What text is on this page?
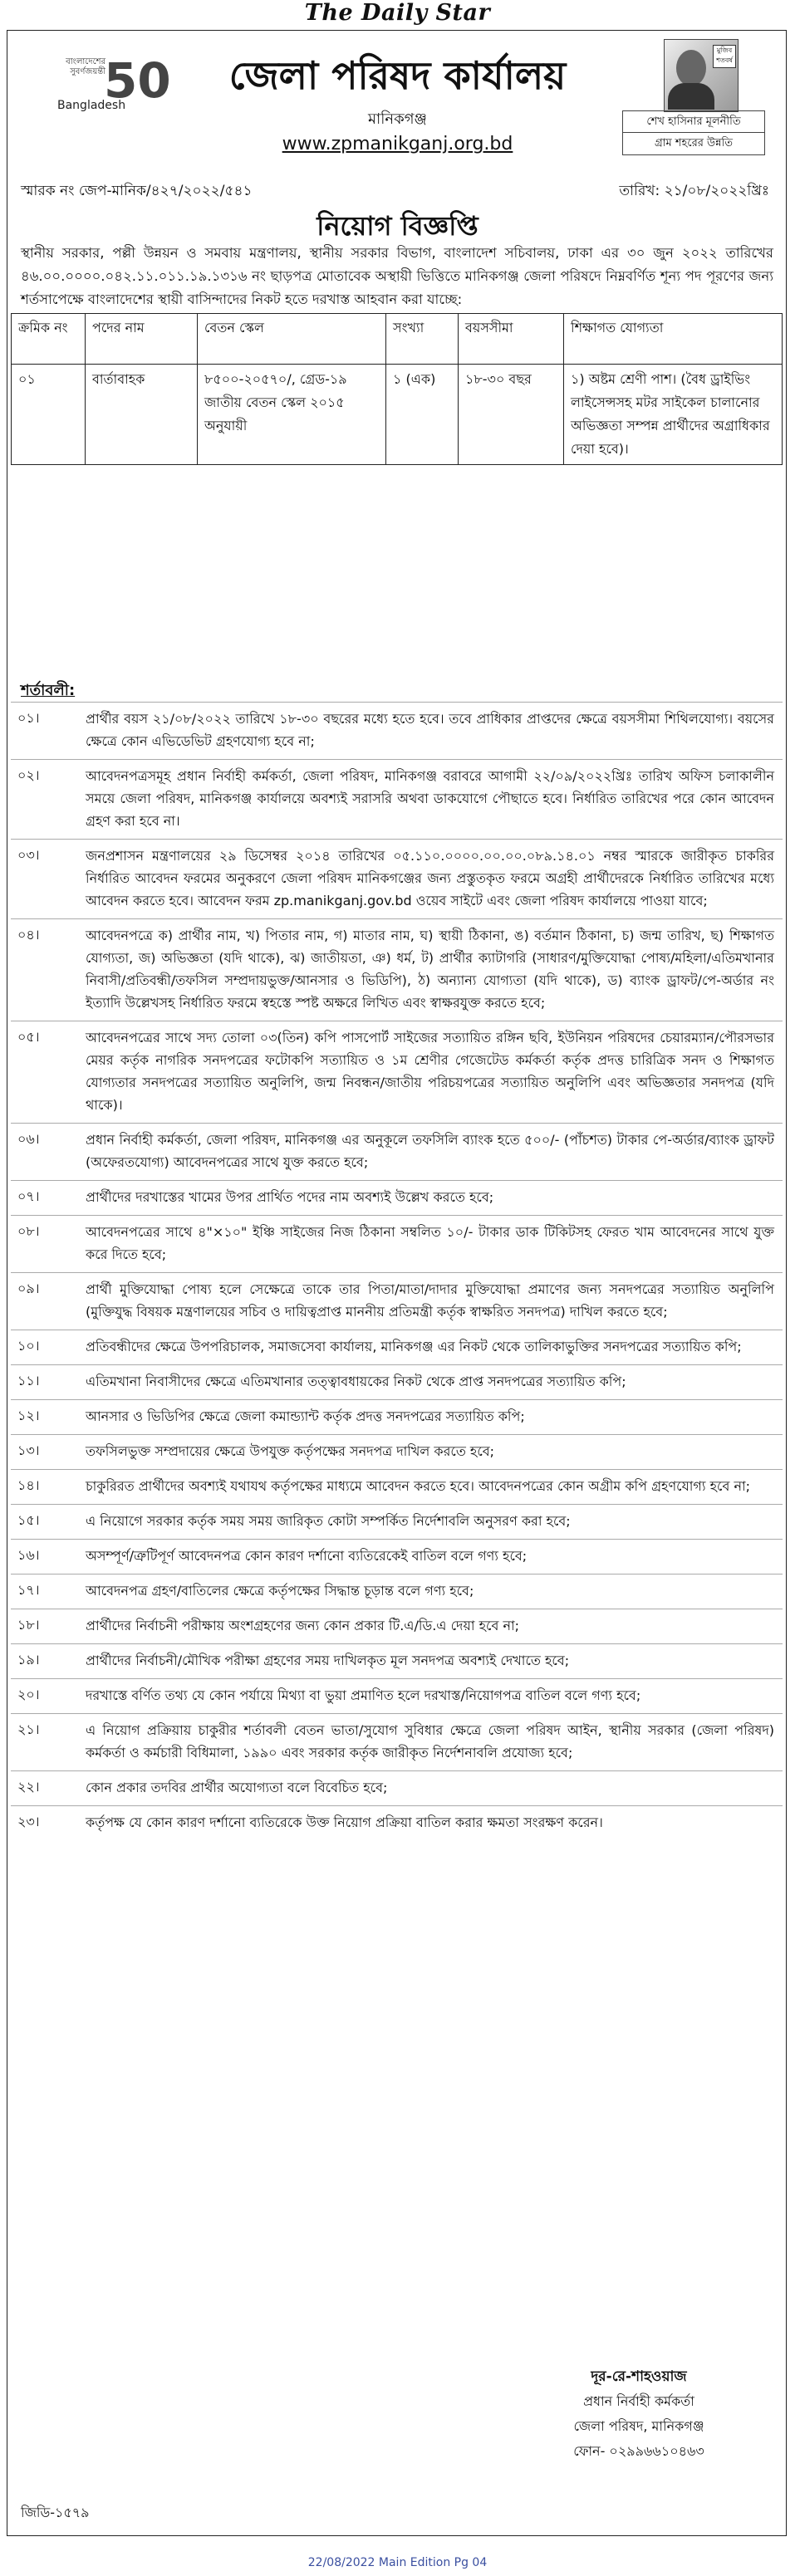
The Daily Star
বাংলাদেশের সুবর্ণজয়ন্তী
50
Bangladesh
জেলা পরিষদ কার্যালয়
মানিকগঞ্জ
www.zpmanikganj.org.bd
মুজিব শতবর্ষ
শেখ হাসিনার মূলনীতি
গ্রাম শহরের উন্নতি
স্মারক নং জেপ-মানিক/৪২৭/২০২২/৫৪১	তারিখ: ২১/০৮/২০২২খ্রিঃ
নিয়োগ বিজ্ঞপ্তি
স্থানীয় সরকার, পল্লী উন্নয়ন ও সমবায় মন্ত্রণালয়, স্থানীয় সরকার বিভাগ, বাংলাদেশ সচিবালয়, ঢাকা এর ৩০ জুন ২০২২ তারিখের ৪৬.০০.০০০০.০৪২.১১.০১১.১৯.১৩১৬ নং ছাড়পত্র মোতাবেক অস্থায়ী ভিত্তিতে মানিকগঞ্জ জেলা পরিষদে নিম্নবর্ণিত শূন্য পদ পূরণের জন্য শর্তসাপেক্ষে বাংলাদেশের স্থায়ী বাসিন্দাদের নিকট হতে দরখাস্ত আহবান করা যাচ্ছে:
ক্রমিক নং	পদের নাম	বেতন স্কেল	সংখ্যা	বয়সসীমা	শিক্ষাগত যোগ্যতা
০১	বার্তাবাহক	৮৫০০-২০৫৭০/, গ্রেড-১৯ জাতীয় বেতন স্কেল ২০১৫ অনুযায়ী	১ (এক)	১৮-৩০ বছর	১) অষ্টম শ্রেণী পাশ। (বৈধ ড্রাইভিং লাইসেন্সসহ মটর সাইকেল চালানোর অভিজ্ঞতা সম্পন্ন প্রার্থীদের অগ্রাধিকার দেয়া হবে)।
শর্তাবলী:
০১।	প্রার্থীর বয়স ২১/০৮/২০২২ তারিখে ১৮-৩০ বছরের মধ্যে হতে হবে। তবে প্রাধিকার প্রাপ্তদের ক্ষেত্রে বয়সসীমা শিথিলযোগ্য। বয়সের ক্ষেত্রে কোন এভিডেভিট গ্রহণযোগ্য হবে না;
০২।	আবেদনপত্রসমূহ প্রধান নির্বাহী কর্মকর্তা, জেলা পরিষদ, মানিকগঞ্জ বরাবরে আগামী ২২/০৯/২০২২খ্রিঃ তারিখ অফিস চলাকালীন সময়ে জেলা পরিষদ, মানিকগঞ্জ কার্যালয়ে অবশ্যই সরাসরি অথবা ডাকযোগে পৌছাতে হবে। নির্ধারিত তারিখের পরে কোন আবেদন গ্রহণ করা হবে না।
০৩।	জনপ্রশাসন মন্ত্রণালয়ের ২৯ ডিসেম্বর ২০১৪ তারিখের ০৫.১১০.০০০০.০০.০০.০৮৯.১৪.০১ নম্বর স্মারকে জারীকৃত চাকরির নির্ধারিত আবেদন ফরমের অনুকরণে জেলা পরিষদ মানিকগঞ্জের জন্য প্রস্তুতকৃত ফরমে অগ্রহী প্রার্থীদেরকে নির্ধারিত তারিখের মধ্যে আবেদন করতে হবে। আবেদন ফরম zp.manikganj.gov.bd ওয়েব সাইটে এবং জেলা পরিষদ কার্যালয়ে পাওয়া যাবে;
০৪।	আবেদনপত্রে ক) প্রার্থীর নাম, খ) পিতার নাম, গ) মাতার নাম, ঘ) স্থায়ী ঠিকানা, ঙ) বর্তমান ঠিকানা, চ) জন্ম তারিখ, ছ) শিক্ষাগত যোগ্যতা, জ) অভিজ্ঞতা (যদি থাকে), ঝ) জাতীয়তা, ঞ) ধর্ম, ট) প্রার্থীর ক্যাটাগরি (সাধারণ/মুক্তিযোদ্ধা পোষ্য/মহিলা/এতিমখানার নিবাসী/প্রতিবন্ধী/তফসিল সম্প্রদায়ভুক্ত/আনসার ও ভিডিপি), ঠ) অন্যান্য যোগ্যতা (যদি থাকে), ড) ব্যাংক ড্রাফট/পে-অর্ডার নং ইত্যাদি উল্লেখসহ নির্ধারিত ফরমে স্বহস্তে স্পষ্ট অক্ষরে লিখিত এবং স্বাক্ষরযুক্ত করতে হবে;
০৫।	আবেদনপত্রের সাথে সদ্য তোলা ০৩(তিন) কপি পাসপোর্ট সাইজের সত্যায়িত রঙ্গিন ছবি, ইউনিয়ন পরিষদের চেয়ারম্যান/পৌরসভার মেয়র কর্তৃক নাগরিক সনদপত্রের ফটোকপি সত্যায়িত ও ১ম শ্রেণীর গেজেটেড কর্মকর্তা কর্তৃক প্রদত্ত চারিত্রিক সনদ ও শিক্ষাগত যোগ্যতার সনদপত্রের সত্যায়িত অনুলিপি, জন্ম নিবন্ধন/জাতীয় পরিচয়পত্রের সত্যায়িত অনুলিপি এবং অভিজ্ঞতার সনদপত্র (যদি থাকে)।
০৬।	প্রধান নির্বাহী কর্মকর্তা, জেলা পরিষদ, মানিকগঞ্জ এর অনুকূলে তফসিলি ব্যাংক হতে ৫০০/- (পাঁচশত) টাকার পে-অর্ডার/ব্যাংক ড্রাফট (অফেরতযোগ্য) আবেদনপত্রের সাথে যুক্ত করতে হবে;
০৭।	প্রার্থীদের দরখাস্তের খামের উপর প্রার্থিত পদের নাম অবশ্যই উল্লেখ করতে হবে;
০৮।	আবেদনপত্রের সাথে ৪"×১০" ইঞ্চি সাইজের নিজ ঠিকানা সম্বলিত ১০/- টাকার ডাক টিকিটসহ ফেরত খাম আবেদনের সাথে যুক্ত করে দিতে হবে;
০৯।	প্রার্থী মুক্তিযোদ্ধা পোষ্য হলে সেক্ষেত্রে তাকে তার পিতা/মাতা/দাদার মুক্তিযোদ্ধা প্রমাণের জন্য সনদপত্রের সত্যায়িত অনুলিপি (মুক্তিযুদ্ধ বিষয়ক মন্ত্রণালয়ের সচিব ও দায়িত্বপ্রাপ্ত মাননীয় প্রতিমন্ত্রী কর্তৃক স্বাক্ষরিত সনদপত্র) দাখিল করতে হবে;
১০।	প্রতিবন্ধীদের ক্ষেত্রে উপপরিচালক, সমাজসেবা কার্যালয়, মানিকগঞ্জ এর নিকট থেকে তালিকাভুক্তির সনদপত্রের সত্যায়িত কপি;
১১।	এতিমখানা নিবাসীদের ক্ষেত্রে এতিমখানার তত্ত্বাবধায়কের নিকট থেকে প্রাপ্ত সনদপত্রের সত্যায়িত কপি;
১২।	আনসার ও ভিডিপির ক্ষেত্রে জেলা কমান্ড্যান্ট কর্তৃক প্রদত্ত সনদপত্রের সত্যায়িত কপি;
১৩।	তফসিলভুক্ত সম্প্রদায়ের ক্ষেত্রে উপযুক্ত কর্তৃপক্ষের সনদপত্র দাখিল করতে হবে;
১৪।	চাকুরিরত প্রার্থীদের অবশ্যই যথাযথ কর্তৃপক্ষের মাধ্যমে আবেদন করতে হবে। আবেদনপত্রের কোন অগ্রীম কপি গ্রহণযোগ্য হবে না;
১৫।	এ নিয়োগে সরকার কর্তৃক সময় সময় জারিকৃত কোটা সম্পর্কিত নির্দেশাবলি অনুসরণ করা হবে;
১৬।	অসম্পূর্ণ/ত্রুটিপূর্ণ আবেদনপত্র কোন কারণ দর্শানো ব্যতিরেকেই বাতিল বলে গণ্য হবে;
১৭।	আবেদনপত্র গ্রহণ/বাতিলের ক্ষেত্রে কর্তৃপক্ষের সিদ্ধান্ত চূড়ান্ত বলে গণ্য হবে;
১৮।	প্রার্থীদের নির্বাচনী পরীক্ষায় অংশগ্রহণের জন্য কোন প্রকার টি.এ/ডি.এ দেয়া হবে না;
১৯।	প্রার্থীদের নির্বাচনী/মৌখিক পরীক্ষা গ্রহণের সময় দাখিলকৃত মূল সনদপত্র অবশ্যই দেখাতে হবে;
২০।	দরখাস্তে বর্ণিত তথ্য যে কোন পর্যায়ে মিথ্যা বা ভুয়া প্রমাণিত হলে দরখাস্ত/নিয়োগপত্র বাতিল বলে গণ্য হবে;
২১।	এ নিয়োগ প্রক্রিয়ায় চাকুরীর শর্তাবলী বেতন ভাতা/সুযোগ সুবিধার ক্ষেত্রে জেলা পরিষদ আইন, স্থানীয় সরকার (জেলা পরিষদ) কর্মকর্তা ও কর্মচারী বিধিমালা, ১৯৯০ এবং সরকার কর্তৃক জারীকৃত নির্দেশনাবলি প্রযোজ্য হবে;
২২।	কোন প্রকার তদবির প্রার্থীর অযোগ্যতা বলে বিবেচিত হবে;
২৩।	কর্তৃপক্ষ যে কোন কারণ দর্শানো ব্যতিরেকে উক্ত নিয়োগ প্রক্রিয়া বাতিল করার ক্ষমতা সংরক্ষণ করেন।
দূর-রে-শাহওয়াজ
প্রধান নির্বাহী কর্মকর্তা
জেলা পরিষদ, মানিকগঞ্জ
ফোন- ০২৯৯৬৬১০৪৬৩
জিডি-১৫৭৯
22/08/2022 Main Edition Pg 04
